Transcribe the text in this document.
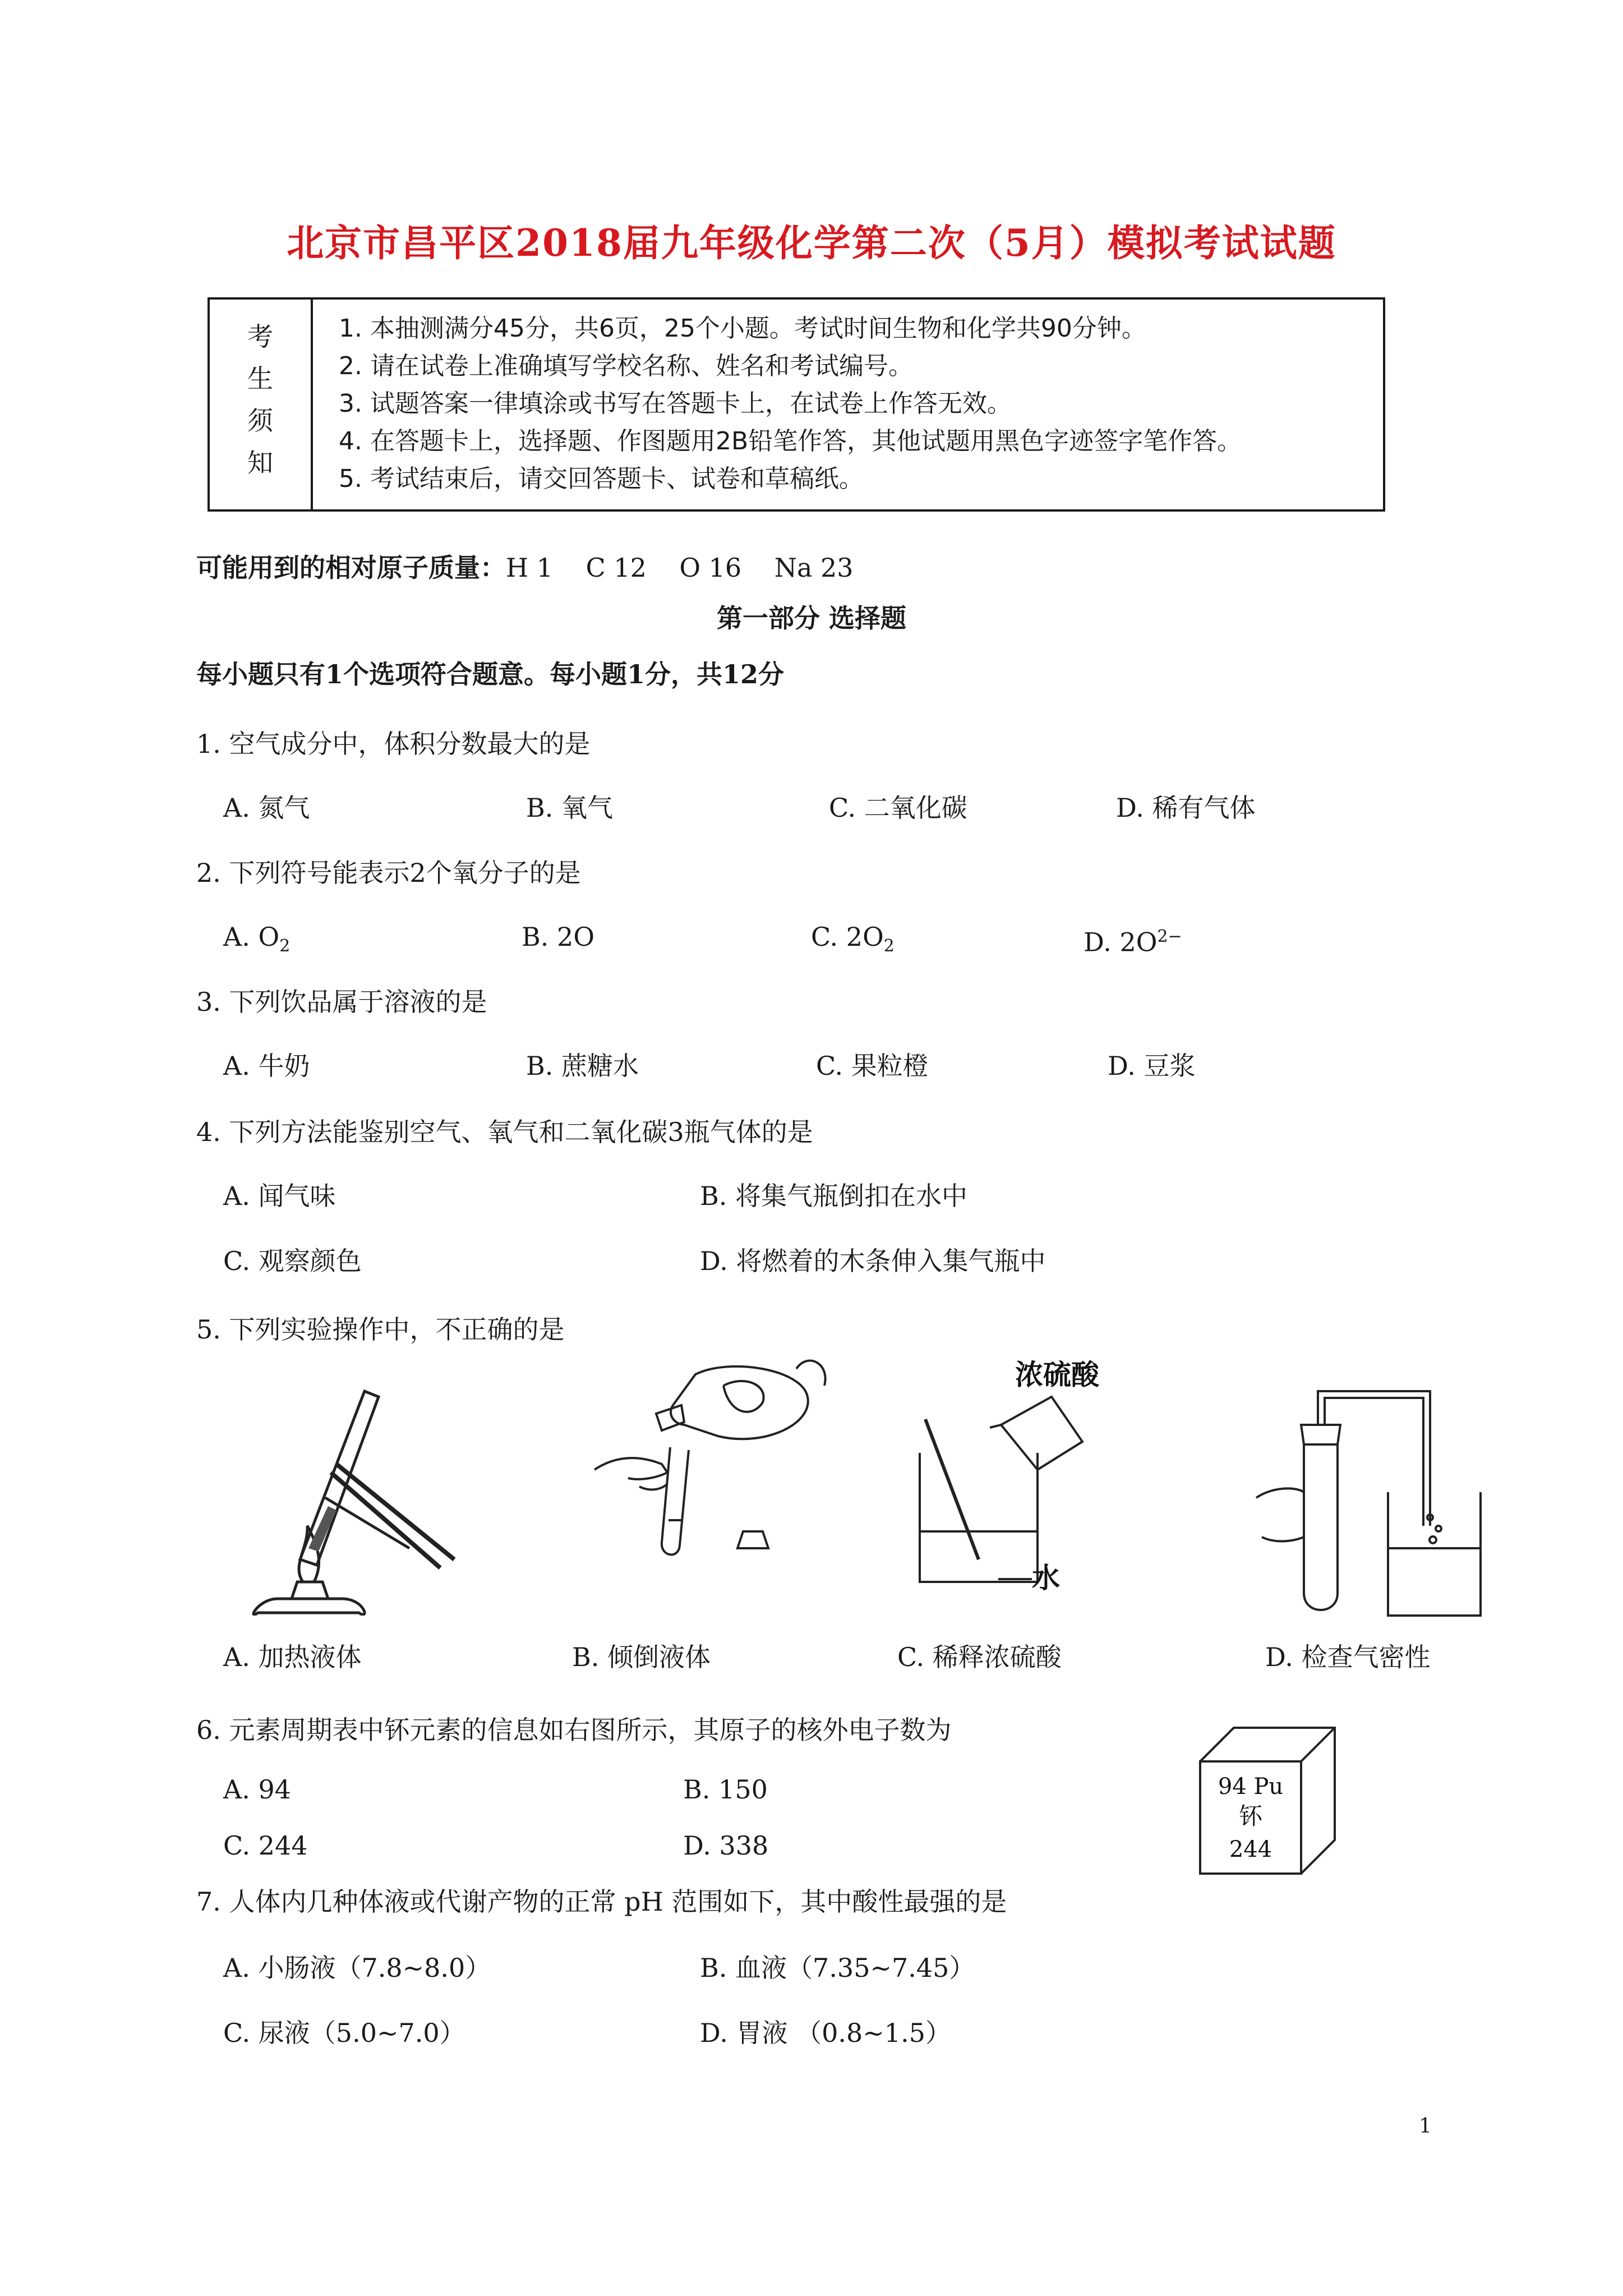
北京市昌平区2018届九年级化学第二次（5月）模拟考试试题
考
生
须
知
1. 本抽测满分45分，共6页，25个小题。考试时间生物和化学共90分钟。
2. 请在试卷上准确填写学校名称、姓名和考试编号。
3. 试题答案一律填涂或书写在答题卡上，在试卷上作答无效。
4. 在答题卡上，选择题、作图题用2B铅笔作答，其他试题用黑色字迹签字笔作答。
5. 考试结束后，请交回答题卡、试卷和草稿纸。
可能用到的相对原子质量：H 1    C 12    O 16    Na 23
第一部分 选择题
每小题只有1个选项符合题意。每小题1分，共12分
1. 空气成分中，体积分数最大的是
A. 氮气	B. 氧气	C. 二氧化碳	D. 稀有气体
2. 下列符号能表示2个氧分子的是
A. $O_2$	B. 2O	C. $2O_2$	D. $2O^{2-}$
3. 下列饮品属于溶液的是
A. 牛奶	B. 蔗糖水	C. 果粒橙	D. 豆浆
4. 下列方法能鉴别空气、氧气和二氧化碳3瓶气体的是
A. 闻气味	B. 将集气瓶倒扣在水中
C. 观察颜色	D. 将燃着的木条伸入集气瓶中
5. 下列实验操作中，不正确的是
浓硫酸
水
A. 加热液体	B. 倾倒液体	C. 稀释浓硫酸	D. 检查气密性
6. 元素周期表中钚元素的信息如右图所示，其原子的核外电子数为
A. 94	B. 150
C. 244	D. 338
94 Pu
钚
244
7. 人体内几种体液或代谢产物的正常 pH 范围如下，其中酸性最强的是
A. 小肠液（7.8~8.0）	B. 血液（7.35~7.45）
C. 尿液（5.0~7.0）	D. 胃液 （0.8~1.5）
1
